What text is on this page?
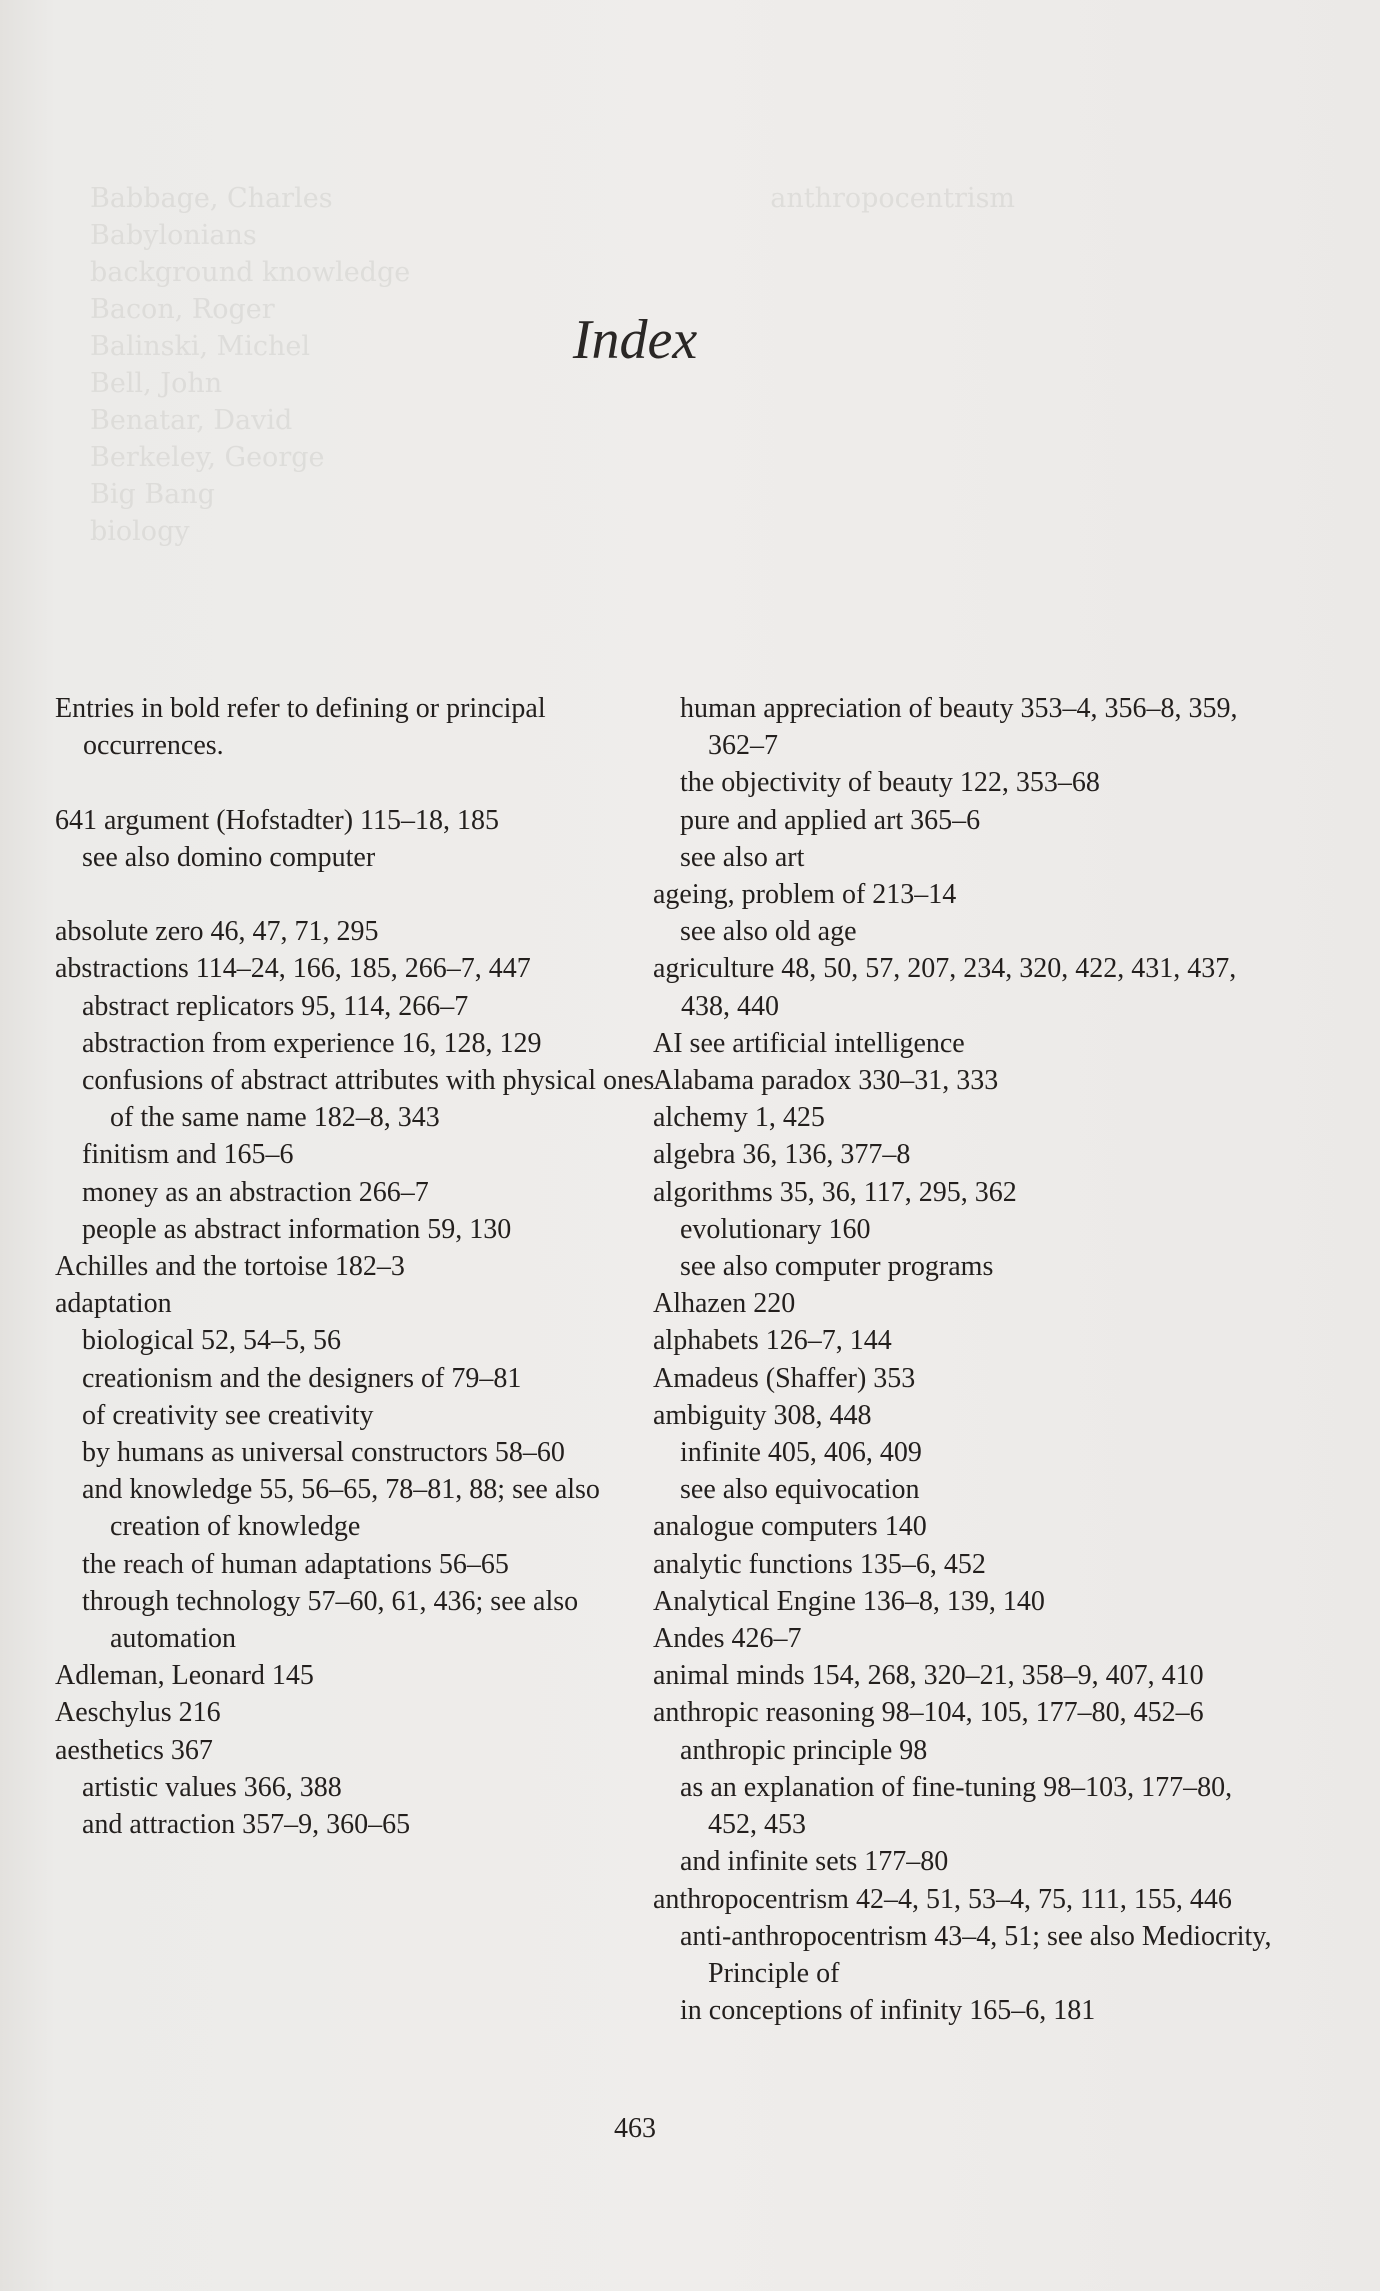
Babbage, Charles                                                   anthropocentrism
Babylonians
background knowledge
Bacon, Roger
Balinski, Michel
Bell, John
Benatar, David
Berkeley, George
Big Bang
biology
Index

Entries in bold refer to defining or principal occurrences.

641 argument (Hofstadter) 115–18, 185

see also domino computer

absolute zero 46, 47, 71, 295

abstractions 114–24, 166, 185, 266–7, 447

abstract replicators 95, 114, 266–7

abstraction from experience 16, 128, 129

confusions of abstract attributes with physical ones of the same name 182–8, 343

finitism and 165–6

money as an abstraction 266–7

people as abstract information 59, 130

Achilles and the tortoise 182–3

adaptation

biological 52, 54–5, 56

creationism and the designers of 79–81

of creativity see creativity

by humans as universal constructors 58–60

and knowledge 55, 56–65, 78–81, 88; see also creation of knowledge

the reach of human adaptations 56–65

through technology 57–60, 61, 436; see also automation

Adleman, Leonard 145

Aeschylus 216

aesthetics 367

artistic values 366, 388

and attraction 357–9, 360–65

human appreciation of beauty 353–4, 356–8, 359, 362–7

the objectivity of beauty 122, 353–68

pure and applied art 365–6

see also art

ageing, problem of 213–14

see also old age

agriculture 48, 50, 57, 207, 234, 320, 422, 431, 437, 438, 440

AI see artificial intelligence

Alabama paradox 330–31, 333

alchemy 1, 425

algebra 36, 136, 377–8

algorithms 35, 36, 117, 295, 362

evolutionary 160

see also computer programs

Alhazen 220

alphabets 126–7, 144

Amadeus (Shaffer) 353

ambiguity 308, 448

infinite 405, 406, 409

see also equivocation

analogue computers 140

analytic functions 135–6, 452

Analytical Engine 136–8, 139, 140

Andes 426–7

animal minds 154, 268, 320–21, 358–9, 407, 410

anthropic reasoning 98–104, 105, 177–80, 452–6

anthropic principle 98

as an explanation of fine-tuning 98–103, 177–80, 452, 453

and infinite sets 177–80

anthropocentrism 42–4, 51, 53–4, 75, 111, 155, 446

anti-anthropocentrism 43–4, 51; see also Mediocrity, Principle of

in conceptions of infinity 165–6, 181

463
